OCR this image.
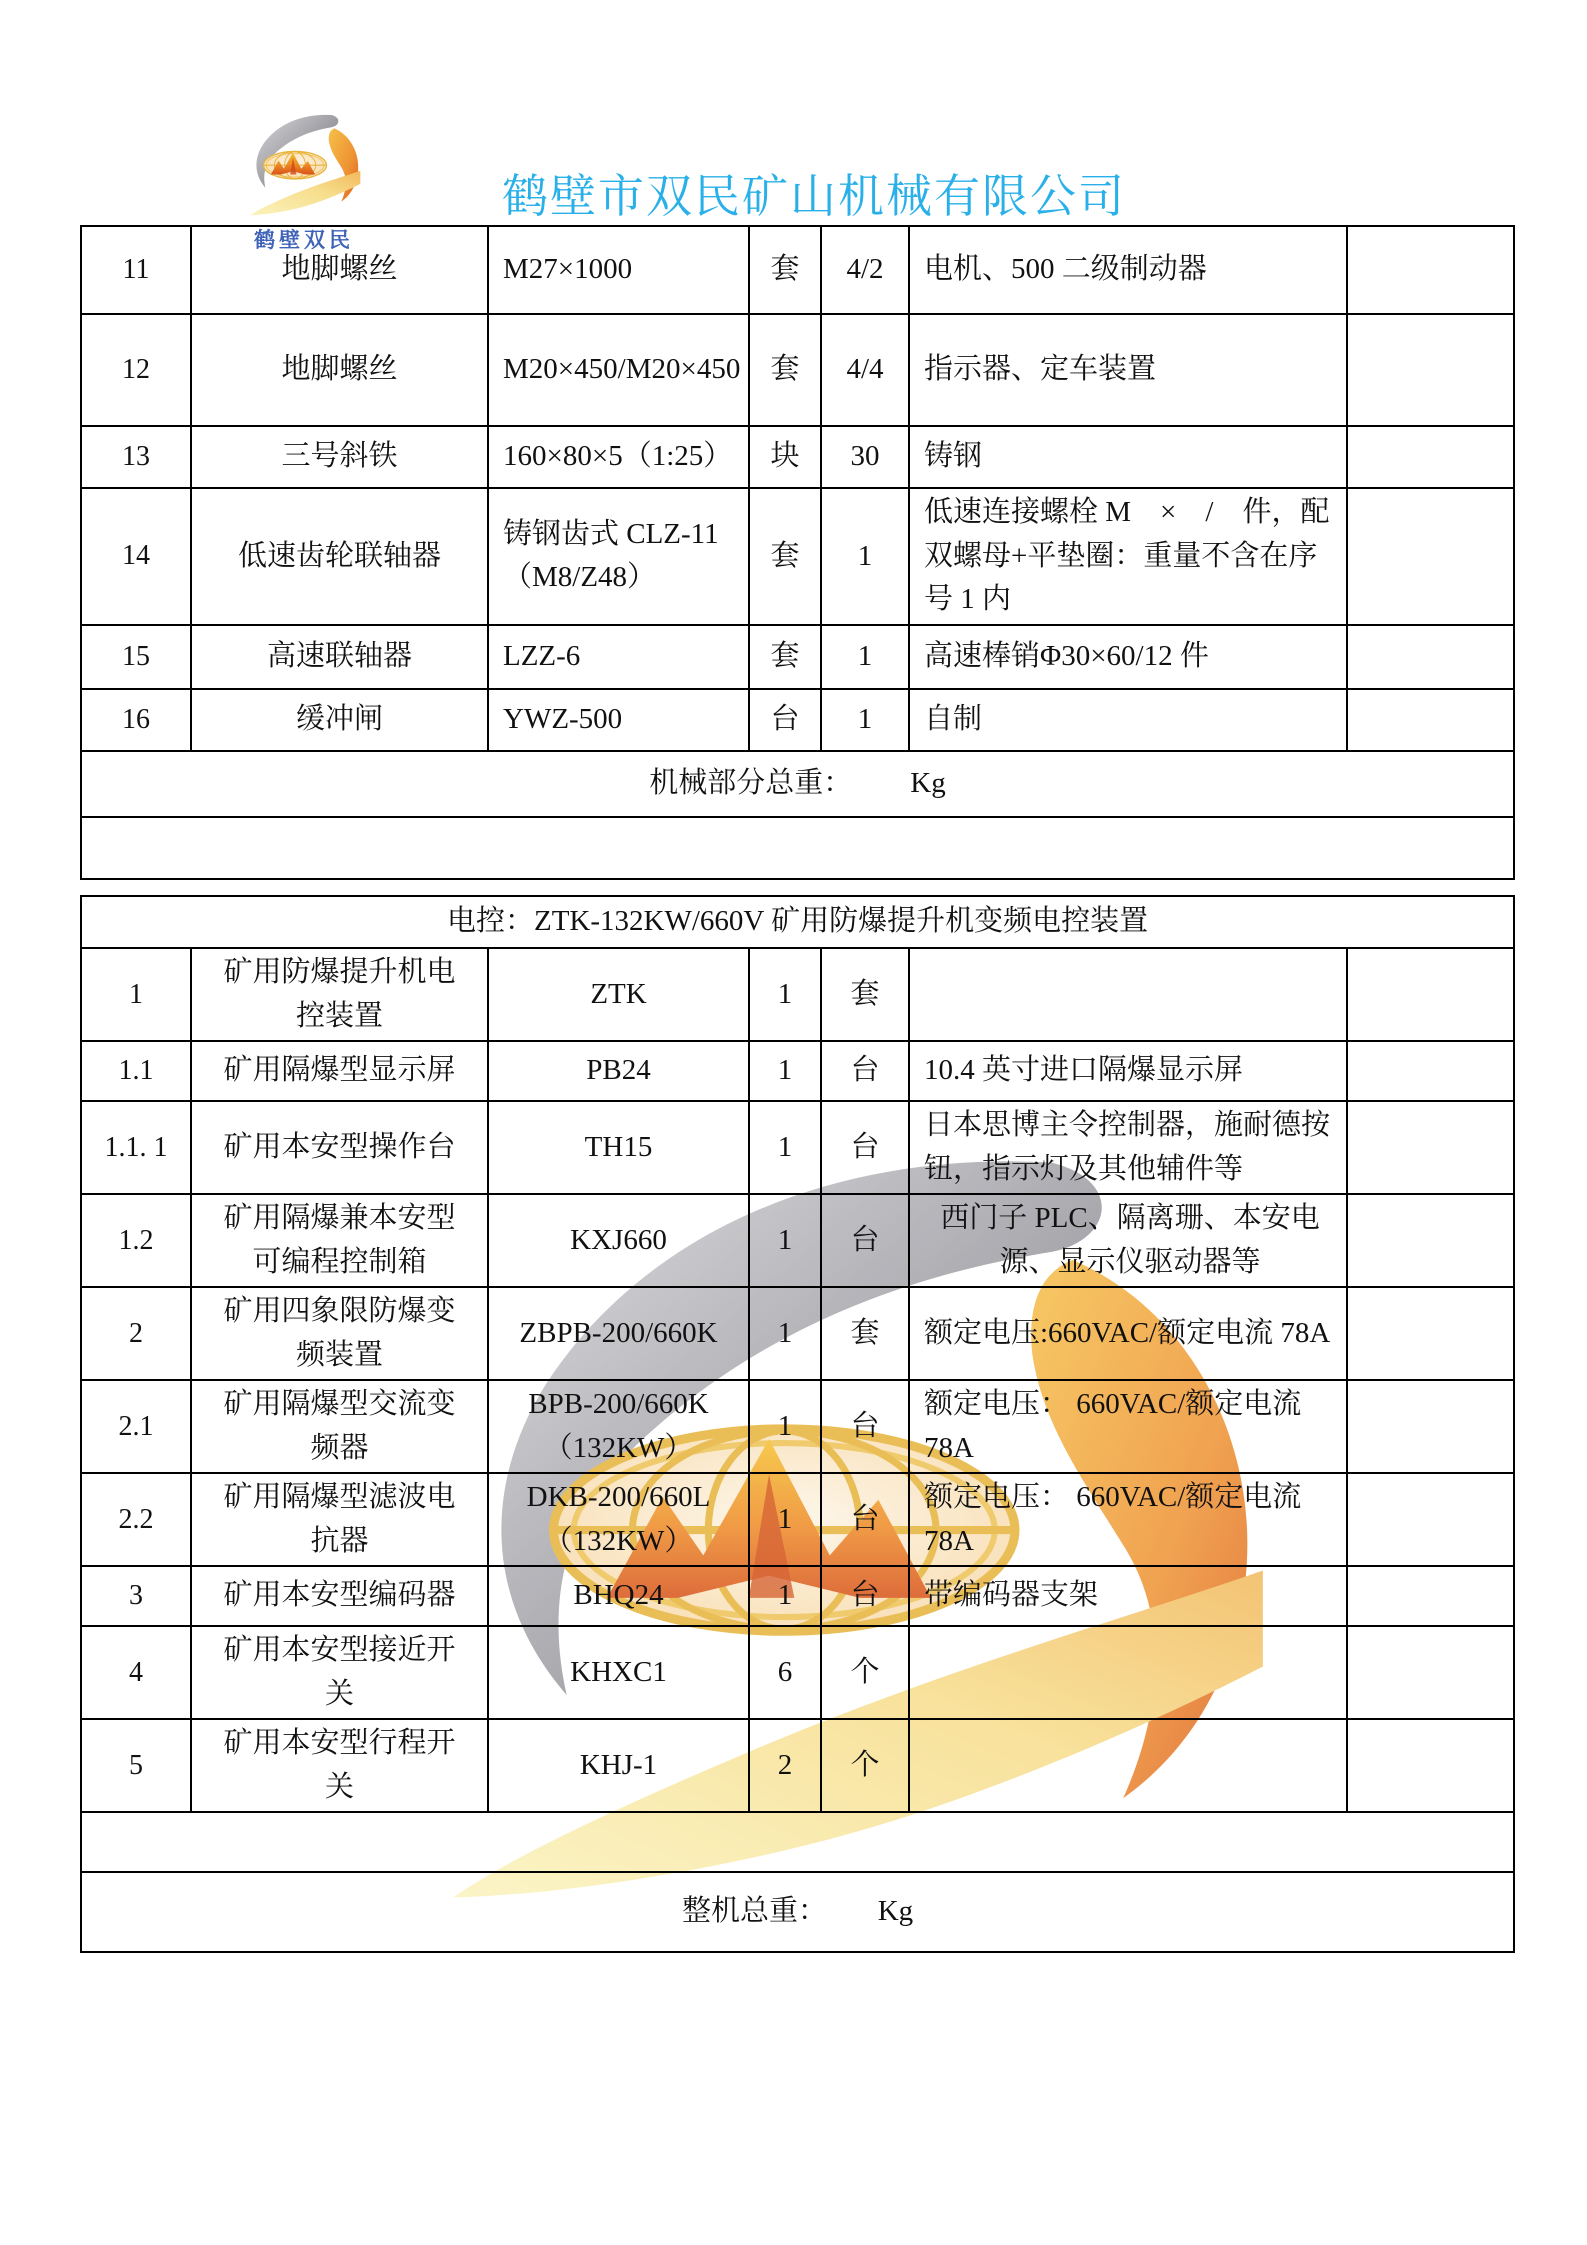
鹤壁双民
鹤壁市双民矿山机械有限公司
11	地脚螺丝	M27×1000	套	4/2	电机、500 二级制动器	
12	地脚螺丝	M20×450/M20×450	套	4/4	指示器、定车装置	
13	三号斜铁	160×80×5（1:25）	块	30	铸钢	
14	低速齿轮联轴器	铸钢齿式 CLZ-11（M8/Z48）	套	1	低速连接螺栓 M　×　/　件，配双螺母+平垫圈：重量不含在序号 1 内	
15	高速联轴器	LZZ-6	套	1	高速棒销Φ30×60/12 件	
16	缓冲闸	YWZ-500	台	1	自制	
机械部分总重：        Kg						

电控：ZTK-132KW/660V 矿用防爆提升机变频电控装置						
1	矿用防爆提升机电控装置	ZTK	1	套		
1.1	矿用隔爆型显示屏	PB24	1	台	10.4 英寸进口隔爆显示屏	
1.1. 1	矿用本安型操作台	TH15	1	台	日本思博主令控制器，施耐德按钮，指示灯及其他辅件等	
1.2	矿用隔爆兼本安型可编程控制箱	KXJ660	1	台	西门子 PLC、隔离珊、本安电源、显示仪驱动器等	
2	矿用四象限防爆变频装置	ZBPB-200/660K	1	套	额定电压:660VAC/额定电流 78A	
2.1	矿用隔爆型交流变频器	BPB-200/660K（132KW）	1	台	额定电压： 660VAC/额定电流 78A	
2.2	矿用隔爆型滤波电抗器	DKB-200/660L（132KW）	1	台	额定电压： 660VAC/额定电流 78A	
3	矿用本安型编码器	BHQ24	1	台	带编码器支架	
4	矿用本安型接近开关	KHXC1	6	个		
5	矿用本安型行程开关	KHJ-1	2	个		

整机总重：       Kg						
